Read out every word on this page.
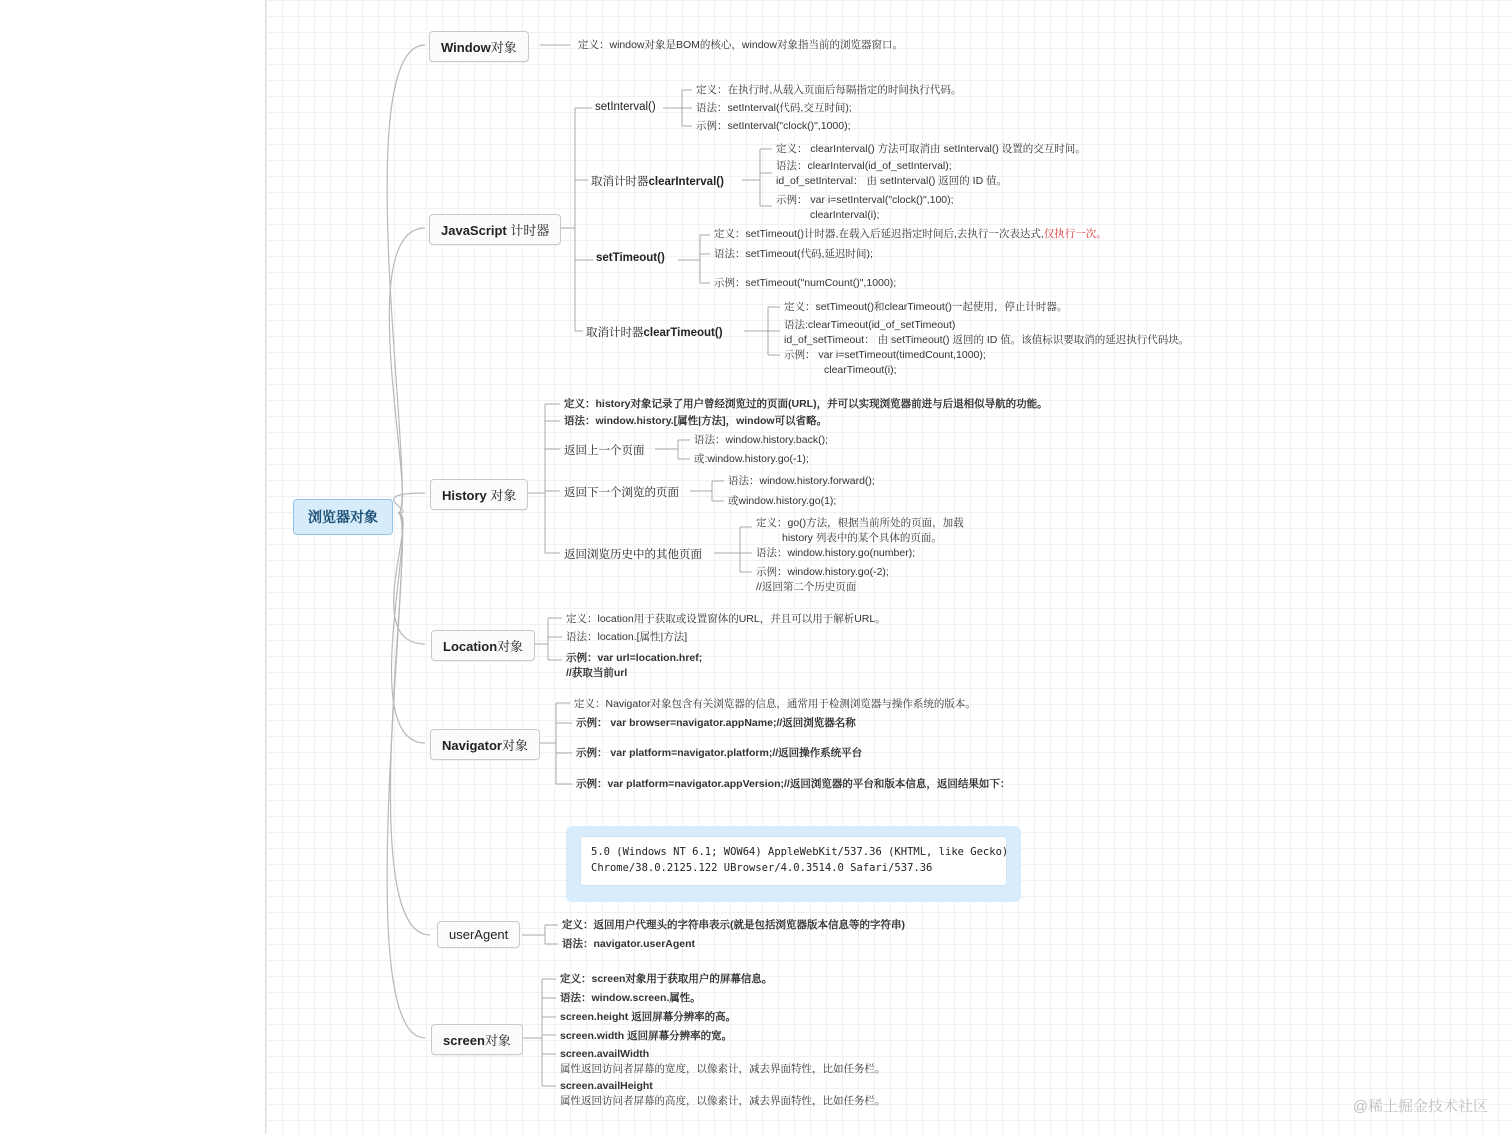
浏览器对象
Window对象	定义：window对象是BOM的核心，window对象指当前的浏览器窗口。
JavaScript 计时器
setInterval()
定义：在执行时,从载入页面后每隔指定的时间执行代码。
语法：setInterval(代码,交互时间);
示例：setInterval("clock()",1000);
取消计时器clearInterval()
定义： clearInterval() 方法可取消由 setInterval() 设置的交互时间。
语法：clearInterval(id_of_setInterval);
id_of_setInterval： 由 setInterval() 返回的 ID 值。
示例： var i=setInterval("clock()",100);
clearInterval(i);
setTimeout()
定义：setTimeout()计时器,在载入后延迟指定时间后,去执行一次表达式,仅执行一次。
语法：setTimeout(代码,延迟时间);
示例：setTimeout("numCount()",1000);
取消计时器clearTimeout()
定义：setTimeout()和clearTimeout()一起使用，停止计时器。
语法:clearTimeout(id_of_setTimeout)
id_of_setTimeout： 由 setTimeout() 返回的 ID 值。该值标识要取消的延迟执行代码块。
示例： var i=setTimeout(timedCount,1000);
clearTimeout(i);
History 对象
定义：history对象记录了用户曾经浏览过的页面(URL)，并可以实现浏览器前进与后退相似导航的功能。
语法：window.history.[属性|方法]，window可以省略。
返回上一个页面
语法：window.history.back();
或:window.history.go(-1);
返回下一个浏览的页面
语法：window.history.forward();
或window.history.go(1);
返回浏览历史中的其他页面
定义：go()方法，根据当前所处的页面，加载
history 列表中的某个具体的页面。
语法：window.history.go(number);
示例：window.history.go(-2);
//返回第二个历史页面
Location对象
定义：location用于获取或设置窗体的URL，并且可以用于解析URL。
语法：location.[属性|方法]
示例：var url=location.href;
//获取当前url
Navigator对象
定义：Navigator对象包含有关浏览器的信息，通常用于检测浏览器与操作系统的版本。
示例： var browser=navigator.appName;//返回浏览器名称
示例： var platform=navigator.platform;//返回操作系统平台
示例：var platform=navigator.appVersion;//返回浏览器的平台和版本信息，返回结果如下：
5.0 (Windows NT 6.1; WOW64) AppleWebKit/537.36 (KHTML, like Gecko)
Chrome/38.0.2125.122 UBrowser/4.0.3514.0 Safari/537.36
userAgent
定义：返回用户代理头的字符串表示(就是包括浏览器版本信息等的字符串)
语法：navigator.userAgent
screen对象
定义：screen对象用于获取用户的屏幕信息。
语法：window.screen.属性。
screen.height 返回屏幕分辨率的高。
screen.width 返回屏幕分辨率的宽。
screen.availWidth
属性返回访问者屏幕的宽度，以像素计，减去界面特性，比如任务栏。
screen.availHeight
属性返回访问者屏幕的高度，以像素计，减去界面特性，比如任务栏。	@稀土掘金技术社区
